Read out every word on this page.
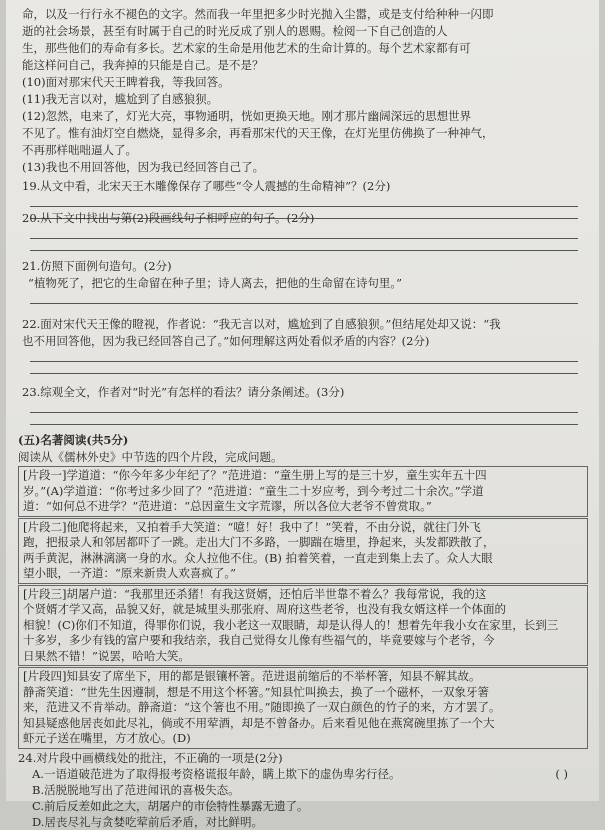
命，以及一行行永不褪色的文字。然而我一年里把多少时光抛入尘嚣，或是支付给种种一闪即
逝的社会场景，甚至有时属于自己的时光反成了别人的恩赐。检阅一下自己创造的人
生，那些他们的寿命有多长。艺术家的生命是用他艺术的生命计算的。每个艺术家都有可
能这样问自己，我奔掉的只能是自己。是不是？
(10)面对那宋代天王睥着我，等我回答。
(11)我无言以对，尴尬到了自感狼狈。
(12)忽然，电来了，灯光大亮，事物通明，恍如更换天地。刚才那片幽阔深远的思想世界
不见了。惟有油灯空自燃烧，显得多余，再看那宋代的天王像，在灯光里仿佛换了一种神气，
不再那样咄咄逼人了。
(13)我也不用回答他，因为我已经回答自己了。
19.从文中看，北宋天王木雕像保存了哪些“令人震撼的生命精神”？(2分)
20.从下文中找出与第(2)段画线句子相呼应的句子。(2分)
21.仿照下面例句造句。(2分)
“植物死了，把它的生命留在种子里；诗人离去，把他的生命留在诗句里。”
22.面对宋代天王像的瞪视，作者说：“我无言以对，尴尬到了自感狼狈。”但结尾处却又说：“我
也不用回答他，因为我已经回答自己了。”如何理解这两处看似矛盾的内容？(2分)
23.综观全文，作者对“时光”有怎样的看法？请分条阐述。(3分)
(五)名著阅读(共5分)
阅读从《儒林外史》中节选的四个片段，完成问题。
[片段一]学道道：“你今年多少年纪了？”范进道：“童生册上写的是三十岁，童生实年五十四
岁。”(A)学道道：“你考过多少回了？”范进道：“童生二十岁应考，到今考过二十余次。”学道
道：“如何总不进学？”范进道：“总因童生文字荒谬，所以各位大老爷不曾赏取。”
[片段二]他爬将起来，又拍着手大笑道：“噫！好！我中了！”笑着，不由分说，就往门外飞
跑，把报录人和邻居都吓了一跳。走出大门不多路，一脚踹在塘里，挣起来，头发都跌散了，
两手黄泥，淋淋漓漓一身的水。众人拉他不住。(B) 拍着笑着，一直走到集上去了。众人大眼
望小眼，一齐道：“原来新贵人欢喜疯了。”
[片段三]胡屠户道：“我那里还杀猪！有我这贤婿，还怕后半世靠不着么？我每常说，我的这
个贤婿才学又高，品貌又好，就是城里头那张府、周府这些老爷，也没有我女婿这样一个体面的
相貌！(C)你们不知道，得罪你们说，我小老这一双眼睛，却是认得人的！想着先年我小女在家里，长到三
十多岁，多少有钱的富户要和我结亲，我自己觉得女儿像有些福气的，毕竟要嫁与个老爷，今
日果然不错！”说罢，哈哈大笑。
[片段四]知县安了席坐下，用的都是银镶杯箸。范进退前缩后的不举杯箸，知县不解其故。
静斋笑道：“世先生因遵制，想是不用这个杯箸。”知县忙叫换去，换了一个磁杯，一双象牙箸
来，范进又不肯举动。静斋道：“这个箸也不用。”随即换了一双白颜色的竹子的来，方才罢了。
知县疑惑他居丧如此尽礼，倘或不用荤酒，却是不曾备办。后来看见他在燕窝碗里拣了一个大
虾元子送在嘴里，方才放心。(D)
24.对片段中画横线处的批注，不正确的一项是(2分)
A.一语道破范进为了取得报考资格谎报年龄，瞒上欺下的虚伪卑劣行径。	( )
B.活脱脱地写出了范进闻讯的喜极失态。
C.前后反差如此之大，胡屠户的市侩特性暴露无遗了。
D.居丧尽礼与贪婪吃荤前后矛盾，对比鲜明。
